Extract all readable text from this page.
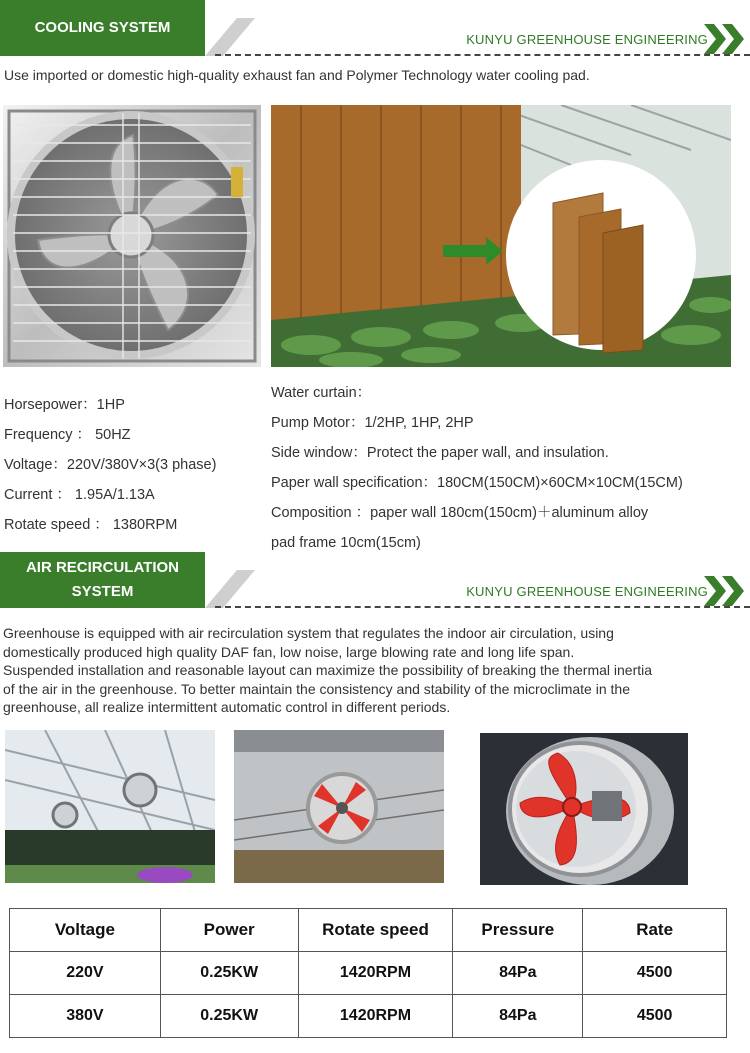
COOLING SYSTEM
KUNYU GREENHOUSE ENGINEERING
Use imported or domestic high-quality exhaust fan and Polymer Technology water cooling pad.
Horsepower：1HP
Frequency ： 50HZ
Voltage：220V/380V×3(3 phase)
Current ： 1.95A/1.13A
Rotate speed ： 1380RPM
Water curtain：
Pump Motor：1/2HP, 1HP, 2HP
Side window：Protect the paper wall, and insulation.
Paper wall specification：180CM(150CM)×60CM×10CM(15CM)
Composition ：paper wall 180cm(150cm)＋aluminum alloy
pad frame 10cm(15cm)
AIR RECIRCULATION
SYSTEM	KUNYU GREENHOUSE ENGINEERING
Greenhouse is equipped with air recirculation system that regulates the indoor air circulation, using
domestically produced high quality DAF fan, low noise, large blowing rate and long life span.
Suspended installation and reasonable layout can maximize the possibility of breaking the thermal inertia
of the air in the greenhouse. To better maintain the consistency and stability of the microclimate in the
greenhouse, all realize intermittent automatic control in different periods.
Voltage	Power	Rotate speed	Pressure	Rate
220V	0.25KW	1420RPM	84Pa	4500
380V	0.25KW	1420RPM	84Pa	4500
